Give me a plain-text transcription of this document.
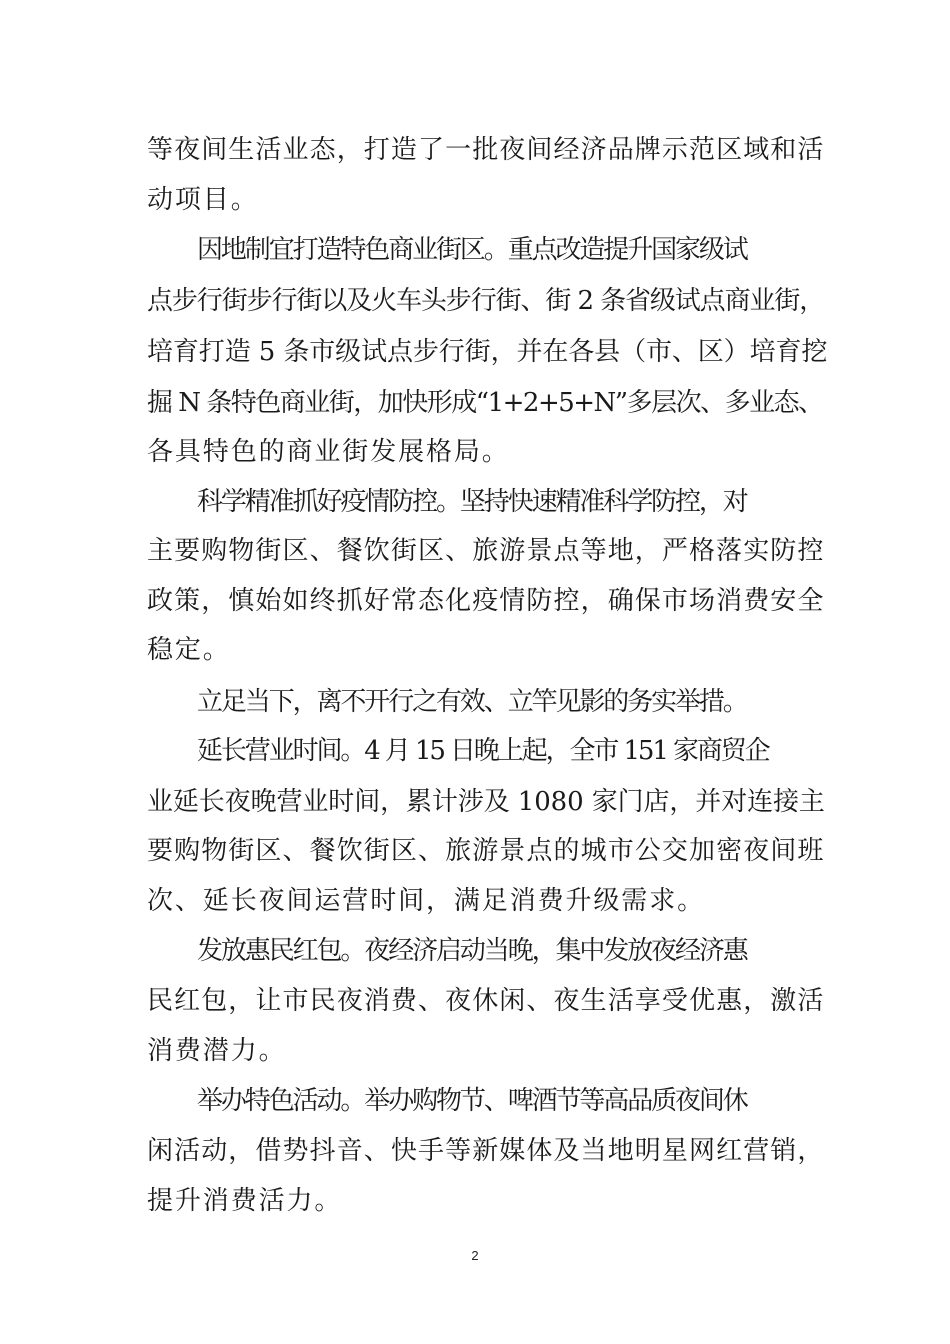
等夜间生活业态，打造了一批夜间经济品牌示范区域和活
动项目。
因地制宜打造特色商业街区。重点改造提升国家级试
点步行街步行街以及火车头步行街、街 2 条省级试点商业街，
培育打造 5 条市级试点步行街，并在各县（市、区）培育挖
掘 N 条特色商业街，加快形成“1+2+5+N”多层次、多业态、
各具特色的商业街发展格局。
科学精准抓好疫情防控。坚持快速精准科学防控，对
主要购物街区、餐饮街区、旅游景点等地，严格落实防控
政策，慎始如终抓好常态化疫情防控，确保市场消费安全
稳定。
立足当下，离不开行之有效、立竿见影的务实举措。
延长营业时间。4 月 15 日晚上起，全市 151 家商贸企
业延长夜晚营业时间，累计涉及 1080 家门店，并对连接主
要购物街区、餐饮街区、旅游景点的城市公交加密夜间班
次、延长夜间运营时间，满足消费升级需求。
发放惠民红包。夜经济启动当晚，集中发放夜经济惠
民红包，让市民夜消费、夜休闲、夜生活享受优惠，激活
消费潜力。
举办特色活动。举办购物节、啤酒节等高品质夜间休
闲活动，借势抖音、快手等新媒体及当地明星网红营销，
提升消费活力。
2
